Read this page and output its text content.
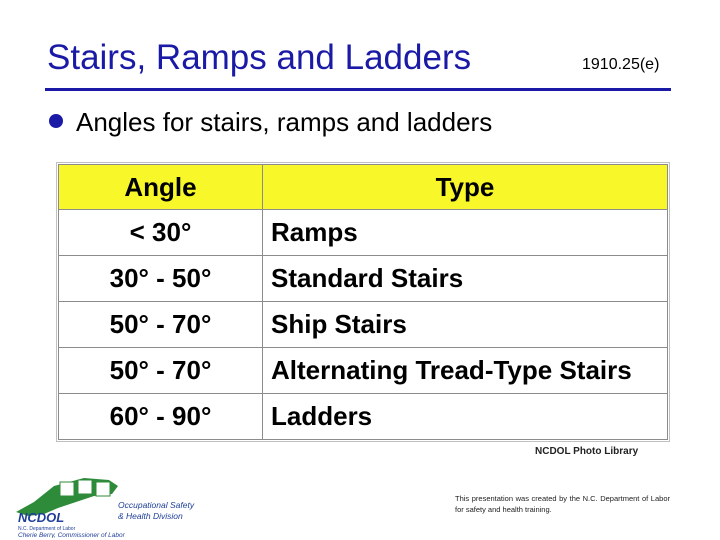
Stairs, Ramps and Ladders	1910.25(e)
Angles for stairs, ramps and ladders
Angle	Type
< 30°	Ramps
30° - 50°	Standard Stairs
50° - 70°	Ship Stairs
50° - 70°	Alternating Tread-Type Stairs
60° - 90°	Ladders
NCDOL Photo Library
NCDOL
N.C. Department of Labor
Cherie Berry, Commissioner of Labor
Occupational Safety
& Health Division
This presentation was created by the N.C. Department of Labor for safety and health training.
